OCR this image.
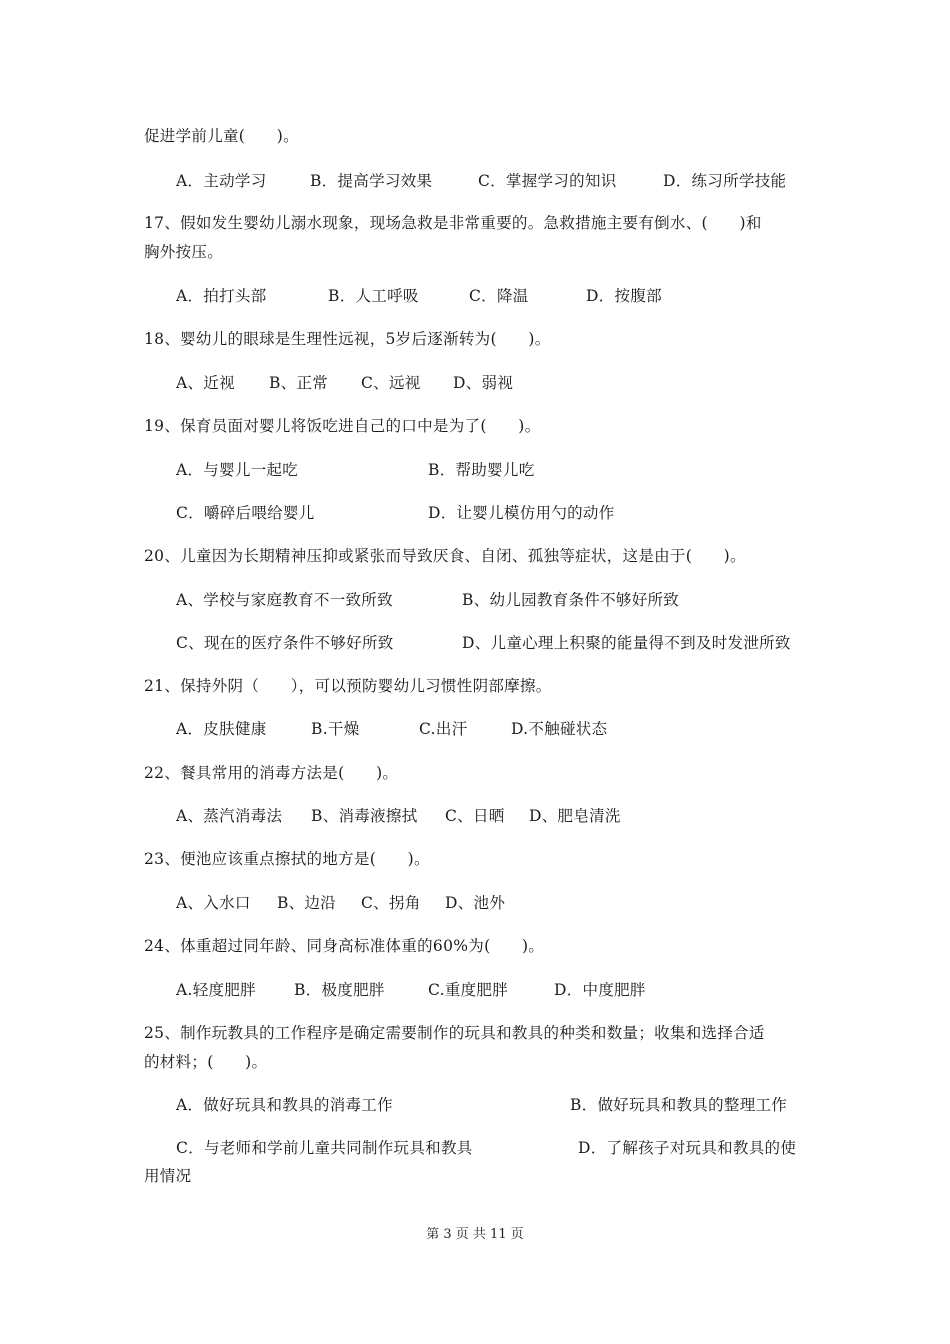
促进学前儿童(　　)。
A．主动学习	B．提高学习效果	C．掌握学习的知识	D．练习所学技能
17、假如发生婴幼儿溺水现象，现场急救是非常重要的。急救措施主要有倒水、(　　)和
胸外按压。
A．拍打头部	B．人工呼吸	C．降温	D．按腹部
18、婴幼儿的眼球是生理性远视，5岁后逐渐转为(　　)。
A、近视 B、正常 C、远视 D、弱视
19、保育员面对婴儿将饭吃进自己的口中是为了(　　)。
A．与婴儿一起吃	B．帮助婴儿吃
C．嚼碎后喂给婴儿	D．让婴儿模仿用勺的动作
20、儿童因为长期精神压抑或紧张而导致厌食、自闭、孤独等症状，这是由于(　　)。
A、学校与家庭教育不一致所致	B、幼儿园教育条件不够好所致
C、现在的医疗条件不够好所致	D、儿童心理上积聚的能量得不到及时发泄所致
21、保持外阴（　　），可以预防婴幼儿习惯性阴部摩擦。
A．皮肤健康	B.干燥	C.出汗	D.不触碰状态
22、餐具常用的消毒方法是(　　)。
A、蒸汽消毒法 B、消毒液擦拭 C、日晒 D、肥皂清洗
23、便池应该重点擦拭的地方是(　　)。
A、入水口 B、边沿 C、拐角 D、池外
24、体重超过同年龄、同身高标准体重的60%为(　　)。
A.轻度肥胖 B．极度肥胖	C.重度肥胖	D．中度肥胖
25、制作玩教具的工作程序是确定需要制作的玩具和教具的种类和数量；收集和选择合适
的材料；(　　)。
A．做好玩具和教具的消毒工作	B．做好玩具和教具的整理工作
C．与老师和学前儿童共同制作玩具和教具	D．了解孩子对玩具和教具的使
用情况
第 3 页 共 11 页
